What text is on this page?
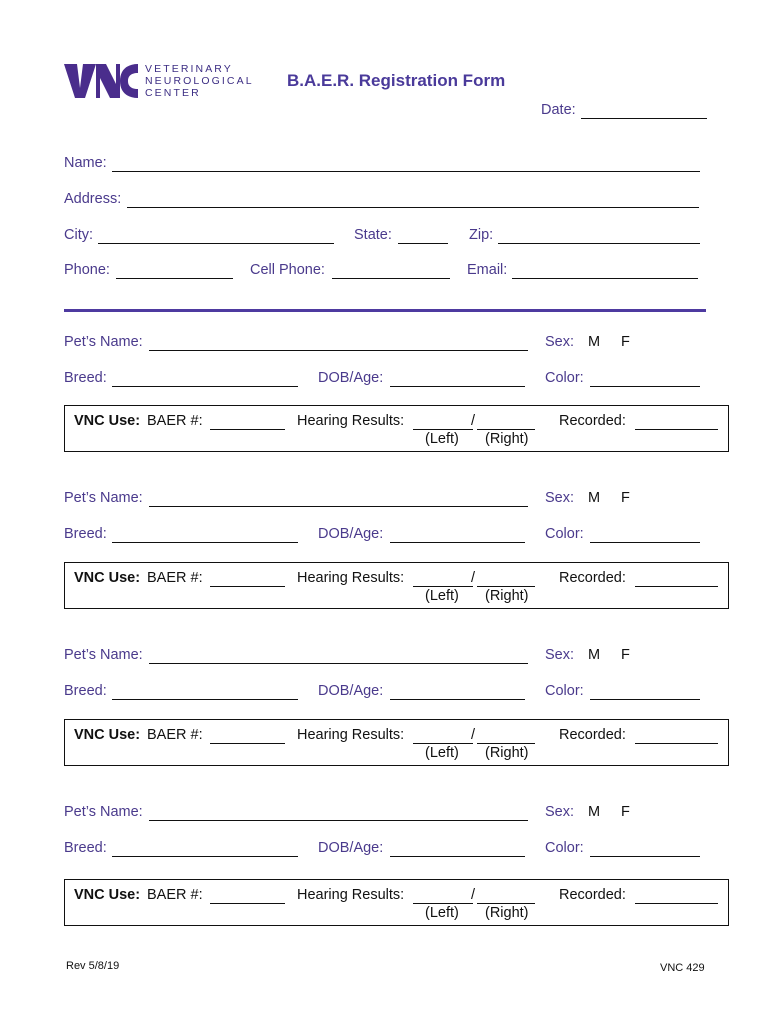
VETERINARY
NEUROLOGICAL
CENTER
B.A.E.R. Registration Form
Date:
Name:
Address:
City:	State:	Zip:
Phone:	Cell Phone:	Email:
Pet’s Name:	Sex: M F
Breed:	DOB/Age:	Color:
VNC Use: BAER #:	Hearing Results:	/
(Left) (Right)
Recorded:
Pet’s Name:	Sex: M F
Breed:	DOB/Age:	Color:
VNC Use: BAER #:	Hearing Results:	/
(Left) (Right)
Recorded:
Pet’s Name:	Sex: M F
Breed:	DOB/Age:	Color:
VNC Use: BAER #:	Hearing Results:	/
(Left) (Right)
Recorded:
Pet’s Name:	Sex: M F
Breed:	DOB/Age:	Color:
VNC Use: BAER #:	Hearing Results:	/
(Left) (Right)
Recorded:
Rev 5/8/19	VNC 429
